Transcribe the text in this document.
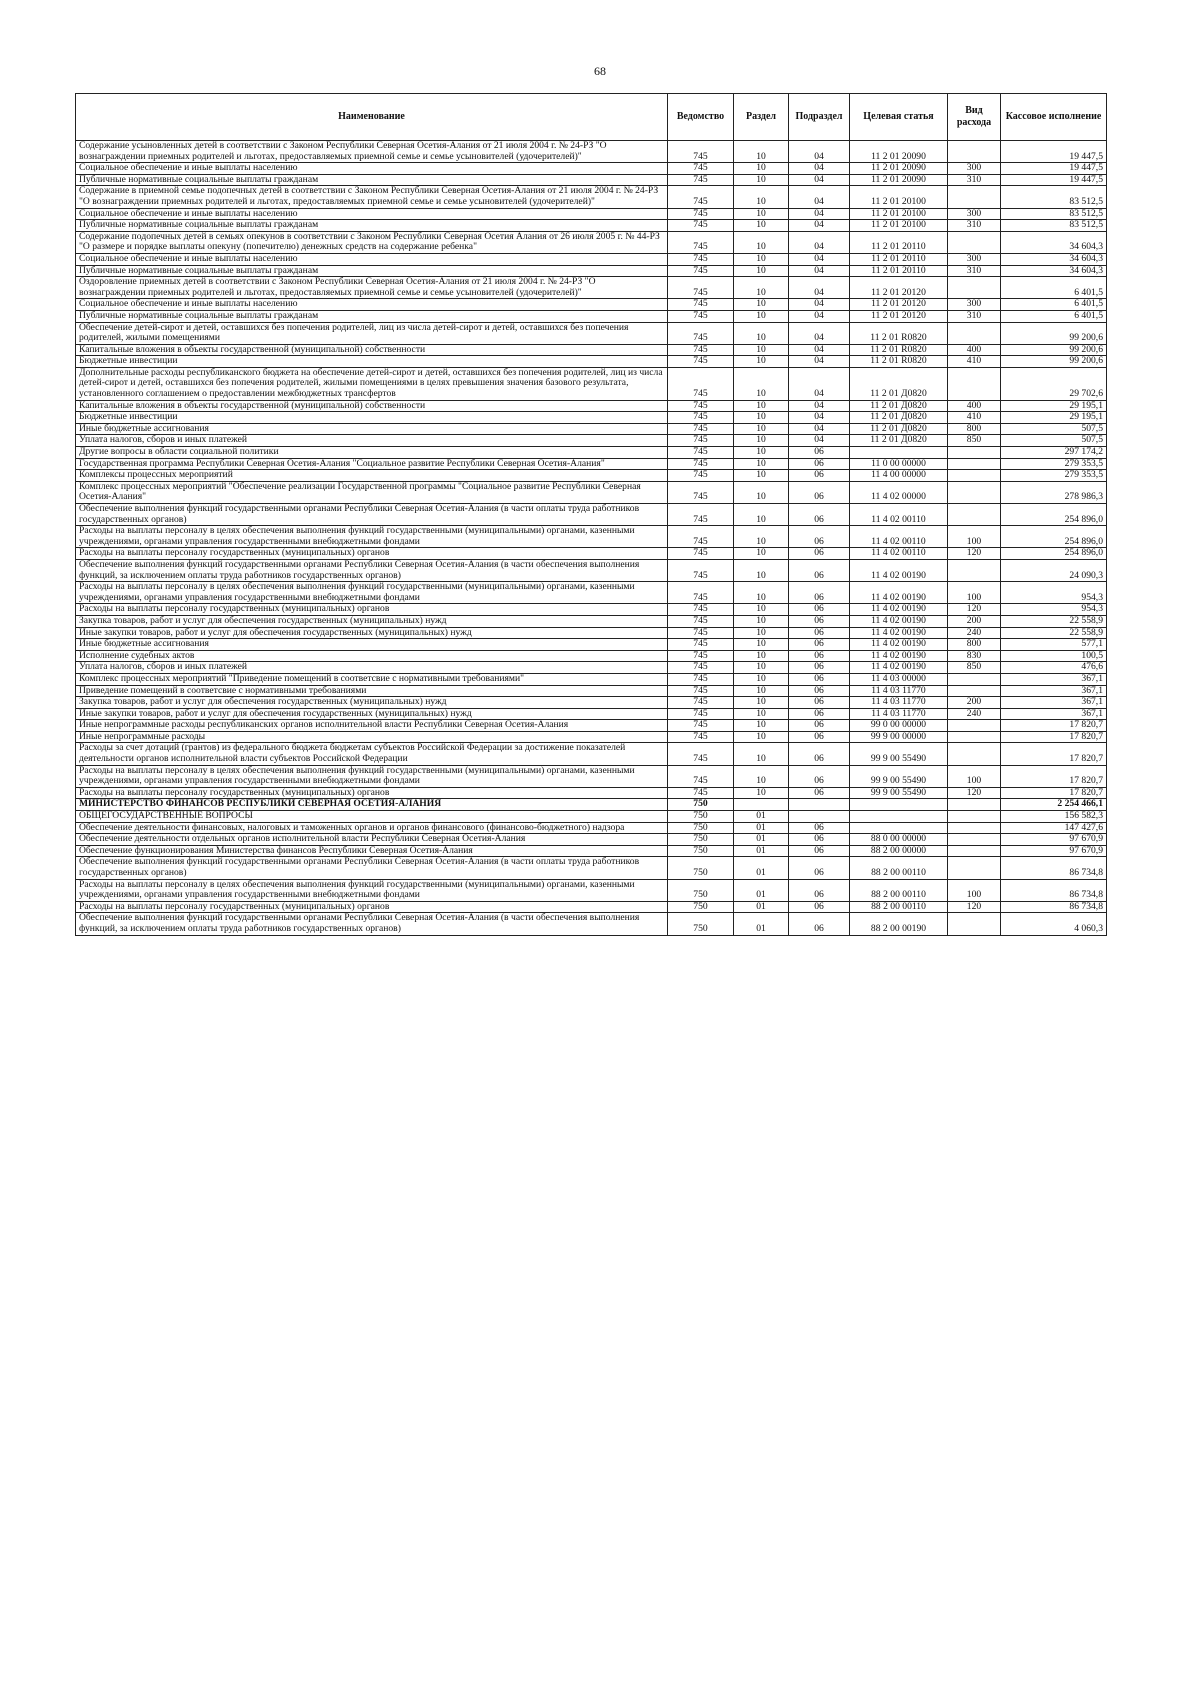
68
Наименование	Ведомство	Раздел	Подраздел	Целевая статья	Вид расхода	Кассовое исполнение
Содержание усыновленных детей в соответствии с Законом Республики Северная Осетия-Алания от 21 июля 2004 г. № 24-РЗ "О вознаграждении приемных родителей и льготах, предоставляемых приемной семье и семье усыновителей (удочерителей)"	745	10	04	11 2 01 20090		19 447,5
Социальное обеспечение и иные выплаты населению	745	10	04	11 2 01 20090	300	19 447,5
Публичные нормативные социальные выплаты гражданам	745	10	04	11 2 01 20090	310	19 447,5
Содержание в приемной семье подопечных детей в соответствии с Законом Республики Северная Осетия-Алания от 21 июля 2004 г. № 24-РЗ "О вознаграждении приемных родителей и льготах, предоставляемых приемной семье и семье усыновителей (удочерителей)"	745	10	04	11 2 01 20100		83 512,5
Социальное обеспечение и иные выплаты населению	745	10	04	11 2 01 20100	300	83 512,5
Публичные нормативные социальные выплаты гражданам	745	10	04	11 2 01 20100	310	83 512,5
Содержание подопечных детей в семьях опекунов в соответствии с Законом Республики Северная Осетия Алания от 26 июля 2005 г. № 44-РЗ "О размере и порядке выплаты опекуну (попечителю) денежных средств на содержание ребенка"	745	10	04	11 2 01 20110		34 604,3
Социальное обеспечение и иные выплаты населению	745	10	04	11 2 01 20110	300	34 604,3
Публичные нормативные социальные выплаты гражданам	745	10	04	11 2 01 20110	310	34 604,3
Оздоровление приемных детей в соответствии с Законом Республики Северная Осетия-Алания от 21 июля 2004 г. № 24-РЗ "О вознаграждении приемных родителей и льготах, предоставляемых приемной семье и семье усыновителей (удочерителей)"	745	10	04	11 2 01 20120		6 401,5
Социальное обеспечение и иные выплаты населению	745	10	04	11 2 01 20120	300	6 401,5
Публичные нормативные социальные выплаты гражданам	745	10	04	11 2 01 20120	310	6 401,5
Обеспечение детей-сирот и детей, оставшихся без попечения родителей, лиц из числа детей-сирот и детей, оставшихся без попечения родителей, жилыми помещениями	745	10	04	11 2 01 R0820		99 200,6
Капитальные вложения в объекты государственной (муниципальной) собственности	745	10	04	11 2 01 R0820	400	99 200,6
Бюджетные инвестиции	745	10	04	11 2 01 R0820	410	99 200,6
Дополнительные расходы республиканского бюджета на обеспечение детей-сирот и детей, оставшихся без попечения родителей, лиц из числа детей-сирот и детей, оставшихся без попечения родителей, жилыми помещениями в целях превышения значения базового результата, установленного соглашением о предоставлении межбюджетных трансфертов	745	10	04	11 2 01 Д0820		29 702,6
Капитальные вложения в объекты государственной (муниципальной) собственности	745	10	04	11 2 01 Д0820	400	29 195,1
Бюджетные инвестиции	745	10	04	11 2 01 Д0820	410	29 195,1
Иные бюджетные ассигнования	745	10	04	11 2 01 Д0820	800	507,5
Уплата налогов, сборов и иных платежей	745	10	04	11 2 01 Д0820	850	507,5
Другие вопросы в области социальной политики	745	10	06			297 174,2
Государственная программа Республики Северная Осетия-Алания "Социальное развитие Республики Северная Осетия-Алания"	745	10	06	11 0 00 00000		279 353,5
Комплексы процессных мероприятий	745	10	06	11 4 00 00000		279 353,5
Комплекс процессных мероприятий "Обеспечение реализации Государственной программы "Социальное развитие Республики Северная Осетия-Алания"	745	10	06	11 4 02 00000		278 986,3
Обеспечение выполнения функций государственными органами Республики Северная Осетия-Алания (в части оплаты труда работников государственных органов)	745	10	06	11 4 02 00110		254 896,0
Расходы на выплаты персоналу в целях обеспечения выполнения функций государственными (муниципальными) органами, казенными учреждениями, органами управления государственными внебюджетными фондами	745	10	06	11 4 02 00110	100	254 896,0
Расходы на выплаты персоналу государственных (муниципальных) органов	745	10	06	11 4 02 00110	120	254 896,0
Обеспечение выполнения функций государственными органами Республики Северная Осетия-Алания (в части обеспечения выполнения функций, за исключением оплаты труда работников государственных органов)	745	10	06	11 4 02 00190		24 090,3
Расходы на выплаты персоналу в целях обеспечения выполнения функций государственными (муниципальными) органами, казенными учреждениями, органами управления государственными внебюджетными фондами	745	10	06	11 4 02 00190	100	954,3
Расходы на выплаты персоналу государственных (муниципальных) органов	745	10	06	11 4 02 00190	120	954,3
Закупка товаров, работ и услуг для обеспечения государственных (муниципальных) нужд	745	10	06	11 4 02 00190	200	22 558,9
Иные закупки товаров, работ и услуг для обеспечения государственных (муниципальных) нужд	745	10	06	11 4 02 00190	240	22 558,9
Иные бюджетные ассигнования	745	10	06	11 4 02 00190	800	577,1
Исполнение судебных актов	745	10	06	11 4 02 00190	830	100,5
Уплата налогов, сборов и иных платежей	745	10	06	11 4 02 00190	850	476,6
Комплекс процессных мероприятий "Приведение помещений в соответсвие с нормативными требованиями"	745	10	06	11 4 03 00000		367,1
Приведение помещений в соответсвие с нормативными требованиями	745	10	06	11 4 03 11770		367,1
Закупка товаров, работ и услуг для обеспечения государственных (муниципальных) нужд	745	10	06	11 4 03 11770	200	367,1
Иные закупки товаров, работ и услуг для обеспечения государственных (муниципальных) нужд	745	10	06	11 4 03 11770	240	367,1
Иные непрограммные расходы республиканских органов исполнительной власти Республики Северная Осетия-Алания	745	10	06	99 0 00 00000		17 820,7
Иные непрограммные расходы	745	10	06	99 9 00 00000		17 820,7
Расходы за счет дотаций (грантов) из федерального бюджета бюджетам субъектов Российской Федерации за достижение показателей деятельности органов исполнительной власти субъектов Российской Федерации	745	10	06	99 9 00 55490		17 820,7
Расходы на выплаты персоналу в целях обеспечения выполнения функций государственными (муниципальными) органами, казенными учреждениями, органами управления государственными внебюджетными фондами	745	10	06	99 9 00 55490	100	17 820,7
Расходы на выплаты персоналу государственных (муниципальных) органов	745	10	06	99 9 00 55490	120	17 820,7
МИНИСТЕРСТВО ФИНАНСОВ РЕСПУБЛИКИ СЕВЕРНАЯ ОСЕТИЯ-АЛАНИЯ	750					2 254 466,1
ОБЩЕГОСУДАРСТВЕННЫЕ ВОПРОСЫ	750	01				156 582,3
Обеспечение деятельности финансовых, налоговых и таможенных органов и органов финансового (финансово-бюджетного) надзора	750	01	06			147 427,6
Обеспечение деятельности отдельных органов исполнительной власти Республики Северная Осетия-Алания	750	01	06	88 0 00 00000		97 670,9
Обеспечение функционирования Министерства финансов Республики Северная Осетия-Алания	750	01	06	88 2 00 00000		97 670,9
Обеспечение выполнения функций государственными органами Республики Северная Осетия-Алания (в части оплаты труда работников государственных органов)	750	01	06	88 2 00 00110		86 734,8
Расходы на выплаты персоналу в целях обеспечения выполнения функций государственными (муниципальными) органами, казенными учреждениями, органами управления государственными внебюджетными фондами	750	01	06	88 2 00 00110	100	86 734,8
Расходы на выплаты персоналу государственных (муниципальных) органов	750	01	06	88 2 00 00110	120	86 734,8
Обеспечение выполнения функций государственными органами Республики Северная Осетия-Алания (в части обеспечения выполнения функций, за исключением оплаты труда работников государственных органов)	750	01	06	88 2 00 00190		4 060,3
